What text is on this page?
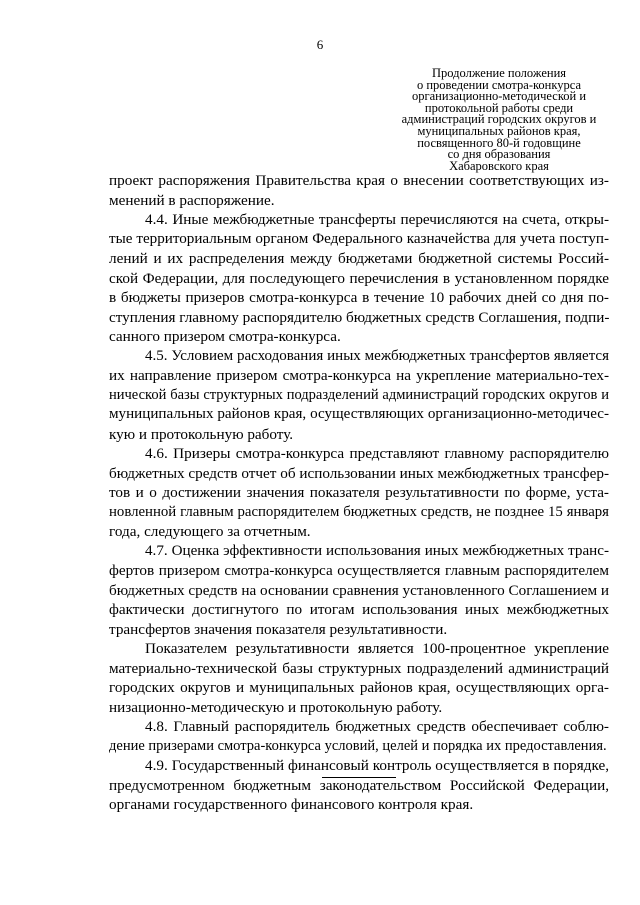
6
Продолжение положения
о проведении смотра-конкурса
организационно-методической и
протокольной работы среди
администраций городских округов и
муниципальных районов края,
посвященного 80-й годовщине
со дня образования
Хабаровского края
проект распоряжения Правительства края о внесении соответствующих из-
менений в распоряжение.
4.4. Иные межбюджетные трансферты перечисляются на счета, откры-
тые территориальным органом Федерального казначейства для учета поступ-
лений и их распределения между бюджетами бюджетной системы Россий-
ской Федерации, для последующего перечисления в установленном порядке
в бюджеты призеров смотра-конкурса в течение 10 рабочих дней со дня по-
ступления главному распорядителю бюджетных средств Соглашения, подпи-
санного призером смотра-конкурса.
4.5. Условием расходования иных межбюджетных трансфертов является
их направление призером смотра-конкурса на укрепление материально-тех-
нической базы структурных подразделений администраций городских округов и
муниципальных районов края, осуществляющих организационно-методичес-
кую и протокольную работу.
4.6. Призеры смотра-конкурса представляют главному распорядителю
бюджетных средств отчет об использовании иных межбюджетных трансфер-
тов и о достижении значения показателя результативности по форме, уста-
новленной главным распорядителем бюджетных средств, не позднее 15 января
года, следующего за отчетным.
4.7. Оценка эффективности использования иных межбюджетных транс-
фертов призером смотра-конкурса осуществляется главным распорядителем
бюджетных средств на основании сравнения установленного Соглашением и
фактически достигнутого по итогам использования иных межбюджетных
трансфертов значения показателя результативности.
Показателем результативности является 100-процентное укрепление
материально-технической базы структурных подразделений администраций
городских округов и муниципальных районов края, осуществляющих орга-
низационно-методическую и протокольную работу.
4.8. Главный распорядитель бюджетных средств обеспечивает соблю-
дение призерами смотра-конкурса условий, целей и порядка их предоставления.
4.9. Государственный финансовый контроль осуществляется в порядке,
предусмотренном бюджетным законодательством Российской Федерации,
органами государственного финансового контроля края.
